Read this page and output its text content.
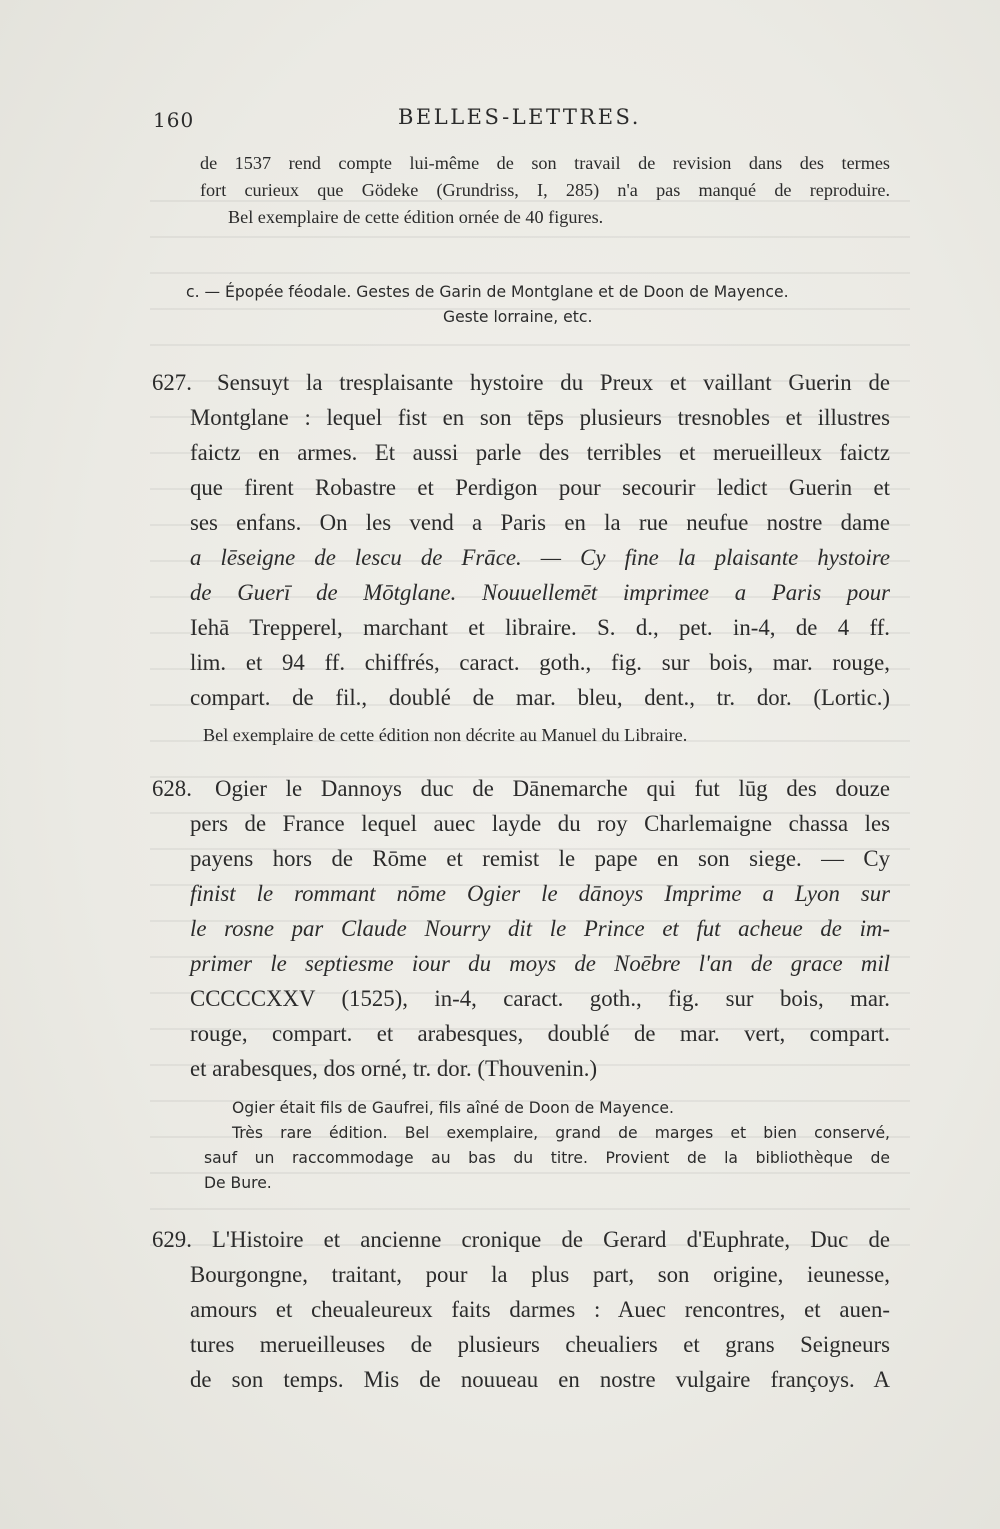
160	BELLES-LETTRES.
de 1537 rend compte lui-même de son travail de revision dans des termes
fort curieux que Gödeke (Grundriss, I, 285) n'a pas manqué de reproduire.
Bel exemplaire de cette édition ornée de 40 figures.
c. — Épopée féodale. Gestes de Garin de Montglane et de Doon de Mayence.
Geste lorraine, etc.
627. Sensuyt la tresplaisante hystoire du Preux et vaillant Guerin de
Montglane : lequel fist en son tēps plusieurs tresnobles et illustres
faictz en armes. Et aussi parle des terribles et merueilleux faictz
que firent Robastre et Perdigon pour secourir ledict Guerin et
ses enfans. On les vend a Paris en la rue neufue nostre dame
a lēseigne de lescu de Frāce. — Cy fine la plaisante hystoire
de Guerī de Mōtglane. Nouuellemēt imprimee a Paris pour
Iehā Trepperel, marchant et libraire. S. d., pet. in-4, de 4 ff.
lim. et 94 ff. chiffrés, caract. goth., fig. sur bois, mar. rouge,
compart. de fil., doublé de mar. bleu, dent., tr. dor. (Lortic.)
Bel exemplaire de cette édition non décrite au Manuel du Libraire.
628. Ogier le Dannoys duc de Dānemarche qui fut lūg des douze
pers de France lequel auec layde du roy Charlemaigne chassa les
payens hors de Rōme et remist le pape en son siege. — Cy
finist le rommant nōme Ogier le dānoys Imprime a Lyon sur
le rosne par Claude Nourry dit le Prince et fut acheue de im-
primer le septiesme iour du moys de Noēbre l'an de grace mil
CCCCCXXV (1525), in-4, caract. goth., fig. sur bois, mar.
rouge, compart. et arabesques, doublé de mar. vert, compart.
et arabesques, dos orné, tr. dor. (Thouvenin.)
Ogier était fils de Gaufrei, fils aîné de Doon de Mayence.
Très rare édition. Bel exemplaire, grand de marges et bien conservé,
sauf un raccommodage au bas du titre. Provient de la bibliothèque de
De Bure.
629. L'Histoire et ancienne cronique de Gerard d'Euphrate, Duc de
Bourgongne, traitant, pour la plus part, son origine, ieunesse,
amours et cheualeureux faits darmes : Auec rencontres, et auen-
tures merueilleuses de plusieurs cheualiers et grans Seigneurs
de son temps. Mis de nouueau en nostre vulgaire françoys. A
